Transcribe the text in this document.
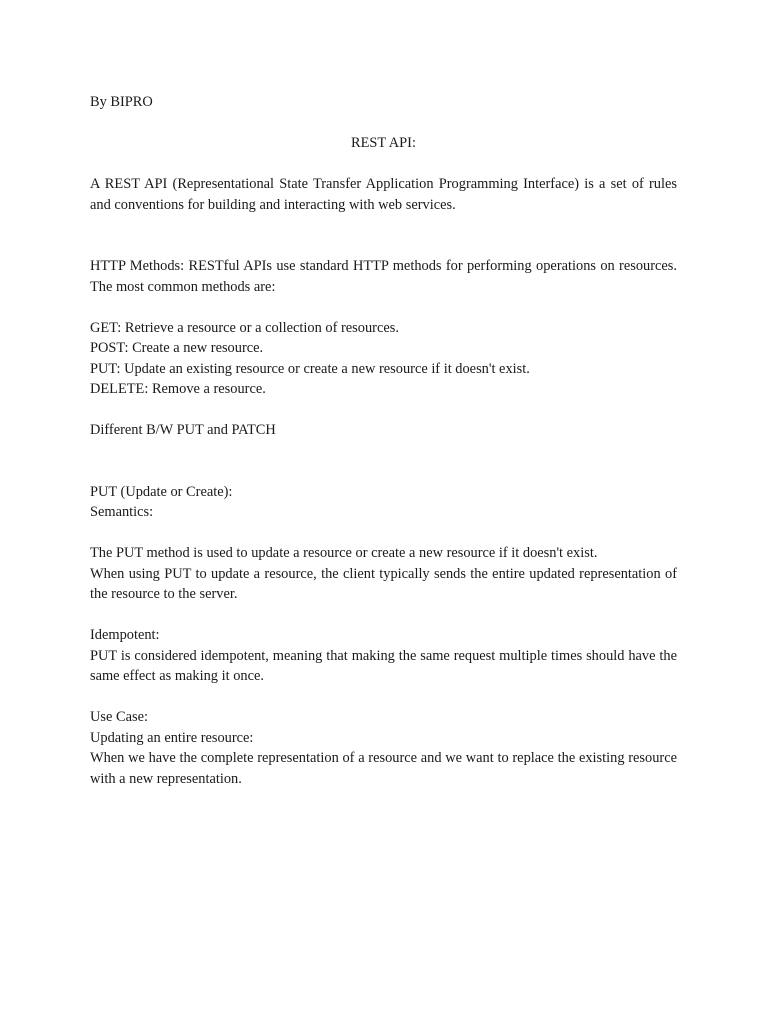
By BIPRO
REST API:

A REST API (Representational State Transfer Application Programming Interface) is a set of rules and conventions for building and interacting with web services.

HTTP Methods: RESTful APIs use standard HTTP methods for performing operations on resources. The most common methods are:

GET: Retrieve a resource or a collection of resources.
POST: Create a new resource.
PUT: Update an existing resource or create a new resource if it doesn't exist.
DELETE: Remove a resource.
Different B/W PUT and PATCH
PUT (Update or Create):
Semantics:
The PUT method is used to update a resource or create a new resource if it doesn't exist.

When using PUT to update a resource, the client typically sends the entire updated representation of the resource to the server.

Idempotent:

PUT is considered idempotent, meaning that making the same request multiple times should have the same effect as making it once.

Use Case:
Updating an entire resource:

When we have the complete representation of a resource and we want to replace the existing resource with a new representation.
